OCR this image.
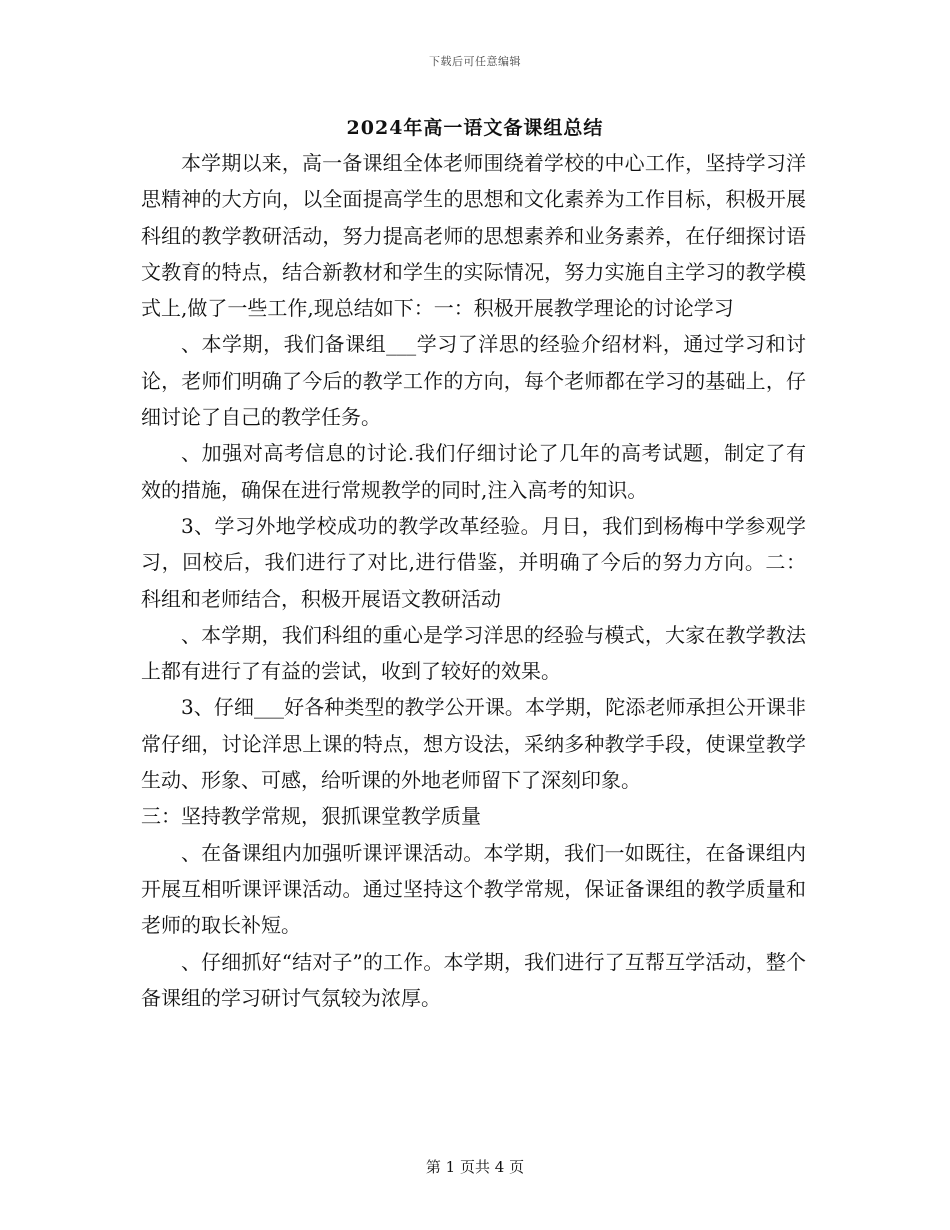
下载后可任意编辑
2024年高一语文备课组总结

本学期以来，高一备课组全体老师围绕着学校的中心工作，坚持学习洋思精神的大方向，以全面提高学生的思想和文化素养为工作目标，积极开展科组的教学教研活动，努力提高老师的思想素养和业务素养，在仔细探讨语文教育的特点，结合新教材和学生的实际情况，努力实施自主学习的教学模式上,做了一些工作,现总结如下：一：积极开展教学理论的讨论学习

、本学期，我们备课组___学习了洋思的经验介绍材料，通过学习和讨论，老师们明确了今后的教学工作的方向，每个老师都在学习的基础上，仔细讨论了自己的教学任务。

、加强对高考信息的讨论.我们仔细讨论了几年的高考试题，制定了有效的措施，确保在进行常规教学的同时,注入高考的知识。

3、学习外地学校成功的教学改革经验。月日，我们到杨梅中学参观学习，回校后，我们进行了对比,进行借鉴，并明确了今后的努力方向。二：科组和老师结合，积极开展语文教研活动

、本学期，我们科组的重心是学习洋思的经验与模式，大家在教学教法上都有进行了有益的尝试，收到了较好的效果。

3、仔细___好各种类型的教学公开课。本学期，陀添老师承担公开课非常仔细，讨论洋思上课的特点，想方设法，采纳多种教学手段，使课堂教学生动、形象、可感，给听课的外地老师留下了深刻印象。

三：坚持教学常规，狠抓课堂教学质量

、在备课组内加强听课评课活动。本学期，我们一如既往，在备课组内开展互相听课评课活动。通过坚持这个教学常规，保证备课组的教学质量和老师的取长补短。

、仔细抓好“结对子”的工作。本学期，我们进行了互帮互学活动，整个备课组的学习研讨气氛较为浓厚。

第 1 页共 4 页
